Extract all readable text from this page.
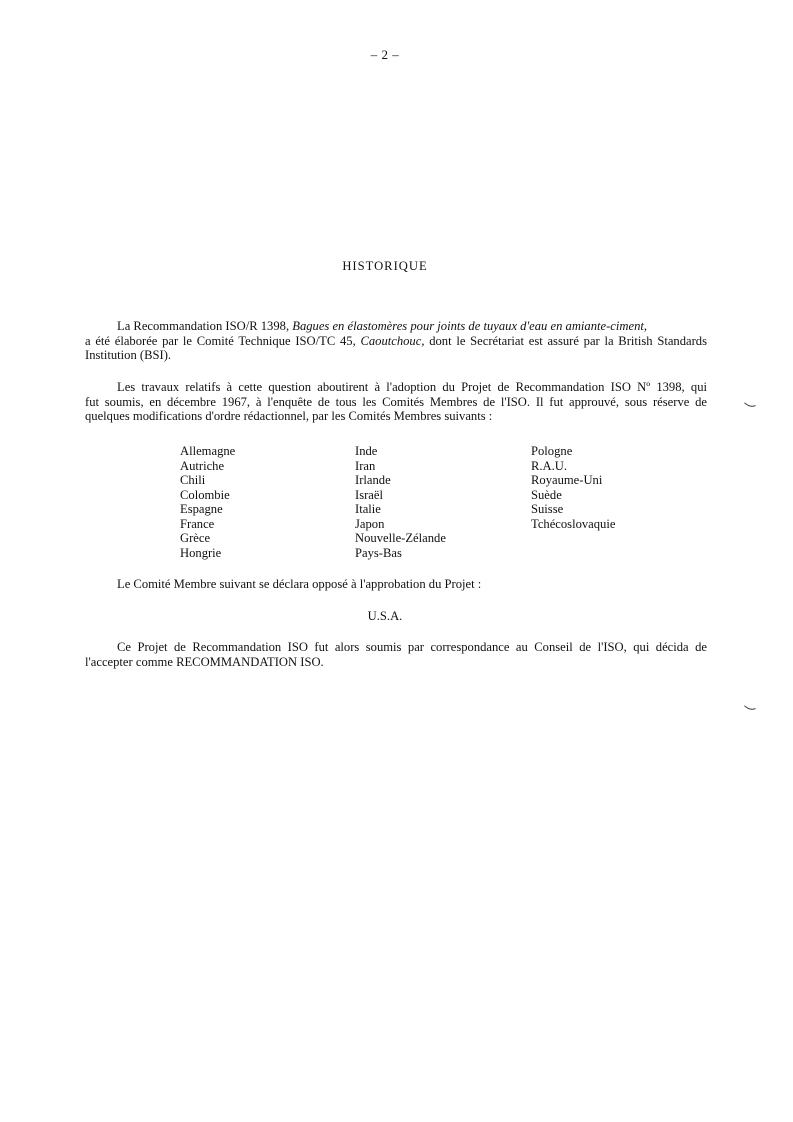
– 2 –
HISTORIQUE
La Recommandation ISO/R 1398, Bagues en élastomères pour joints de tuyaux d'eau en amiante-ciment,
a été élaborée par le Comité Technique ISO/TC 45, Caoutchouc, dont le Secrétariat est assuré par la British Standards
Institution (BSI).
Les travaux relatifs à cette question aboutirent à l'adoption du Projet de Recommandation ISO Nº 1398, qui
fut soumis, en décembre 1967, à l'enquête de tous les Comités Membres de l'ISO. Il fut approuvé, sous réserve de
quelques modifications d'ordre rédactionnel, par les Comités Membres suivants :
Allemagne
Autriche
Chili
Colombie
Espagne
France
Grèce
Hongrie
Inde
Iran
Irlande
Israël
Italie
Japon
Nouvelle-Zélande
Pays-Bas
Pologne
R.A.U.
Royaume-Uni
Suède
Suisse
Tchécoslovaquie
Le Comité Membre suivant se déclara opposé à l'approbation du Projet :
U.S.A.
Ce Projet de Recommandation ISO fut alors soumis par correspondance au Conseil de l'ISO, qui décida de
l'accepter comme RECOMMANDATION ISO.
